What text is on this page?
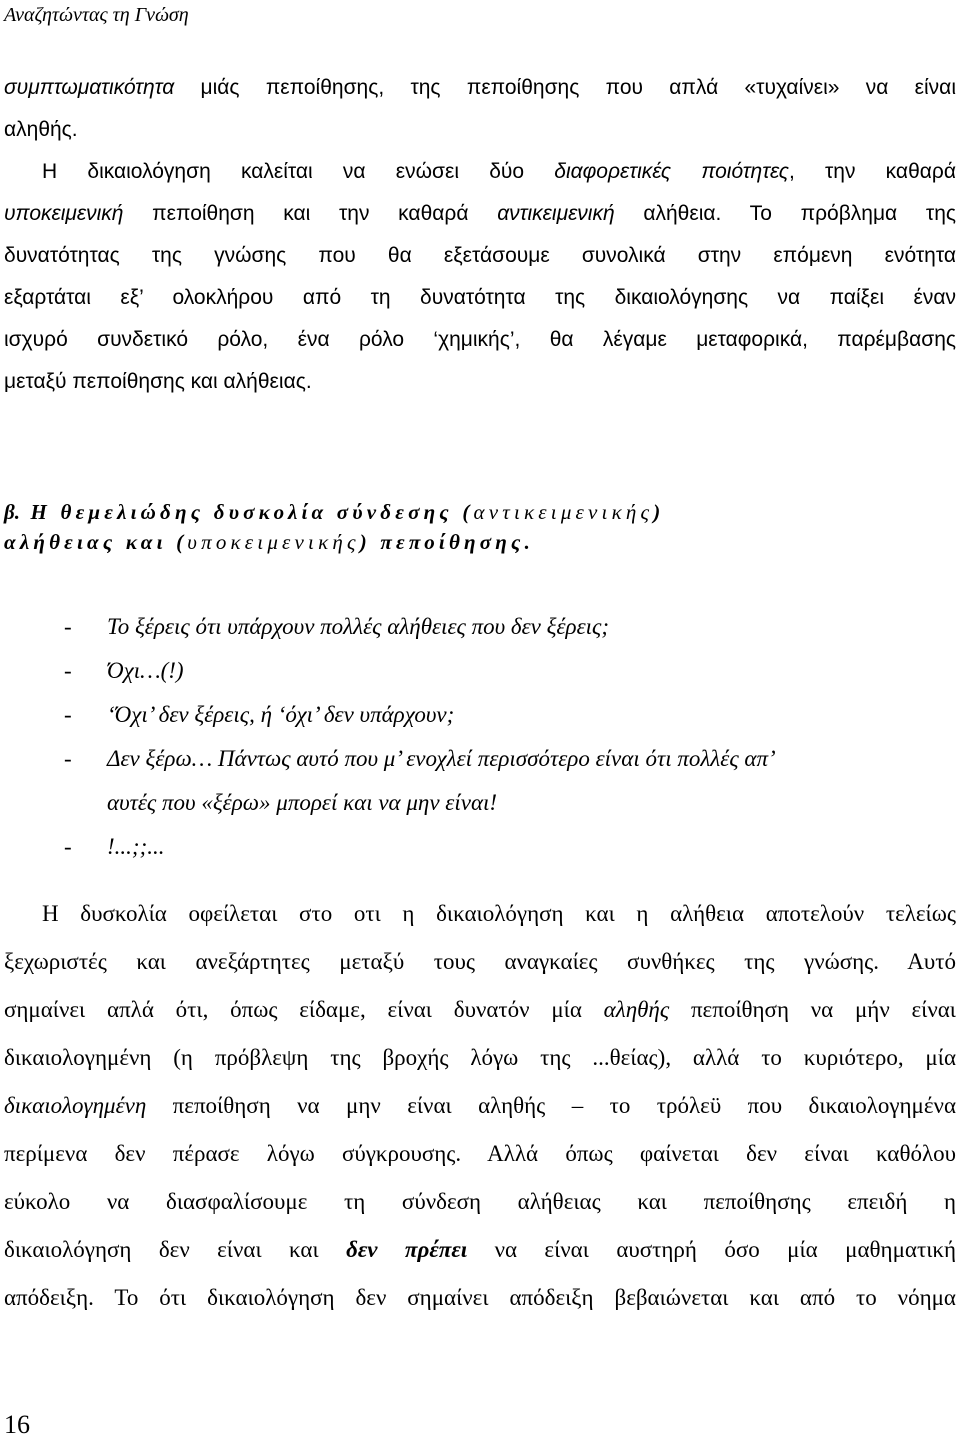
Αναζητώντας τη Γνώση
συμπτωματικότητα μιάς πεποίθησης, της πεποίθησης που απλά «τυχαίνει» να είναι
αληθής.
Η δικαιολόγηση καλείται να ενώσει δύο διαφορετικές ποιότητες, την καθαρά
υποκειμενική πεποίθηση και την καθαρά αντικειμενική αλήθεια. Το πρόβλημα της
δυνατότητας της γνώσης που θα εξετάσουμε συνολικά στην επόμενη ενότητα
εξαρτάται εξ’ ολοκλήρου από τη δυνατότητα της δικαιολόγησης να παίξει έναν
ισχυρό συνδετικό ρόλο, ένα ρόλο ‘χημικής’, θα λέγαμε μεταφορικά, παρέμβασης
μεταξύ πεποίθησης και αλήθειας.
β. Η θεμελιώδης δυσκολία σύνδεσης (αντικειμενικής)
αλήθειας και (υποκειμενικής) πεποίθησης.
-	Το ξέρεις ότι υπάρχουν πολλές αλήθειες που δεν ξέρεις;
-	Όχι…(!)
-	‘Όχι’ δεν ξέρεις, ή ‘όχι’ δεν υπάρχουν;
-	Δεν ξέρω… Πάντως αυτό που μ’ ενοχλεί περισσότερο είναι ότι πολλές απ’
αυτές που «ξέρω» μπορεί και να μην είναι!
-	!...;;...
Η δυσκολία οφείλεται στο οτι η δικαιολόγηση και η αλήθεια αποτελούν τελείως
ξεχωριστές και ανεξάρτητες μεταξύ τους αναγκαίες συνθήκες της γνώσης. Αυτό
σημαίνει απλά ότι, όπως είδαμε, είναι δυνατόν μία αληθής πεποίθηση να μήν είναι
δικαιολογημένη (η πρόβλεψη της βροχής λόγω της ...θείας), αλλά το κυριότερο, μία
δικαιολογημένη πεποίθηση να μην είναι αληθής – το τρόλεϋ που δικαιολογημένα
περίμενα δεν πέρασε λόγω σύγκρουσης. Αλλά όπως φαίνεται δεν είναι καθόλου
εύκολο να διασφαλίσουμε τη σύνδεση αλήθειας και πεποίθησης επειδή η
δικαιολόγηση δεν είναι και δεν πρέπει να είναι αυστηρή όσο μία μαθηματική
απόδειξη. Το ότι δικαιολόγηση δεν σημαίνει απόδειξη βεβαιώνεται και από το νόημα
16
